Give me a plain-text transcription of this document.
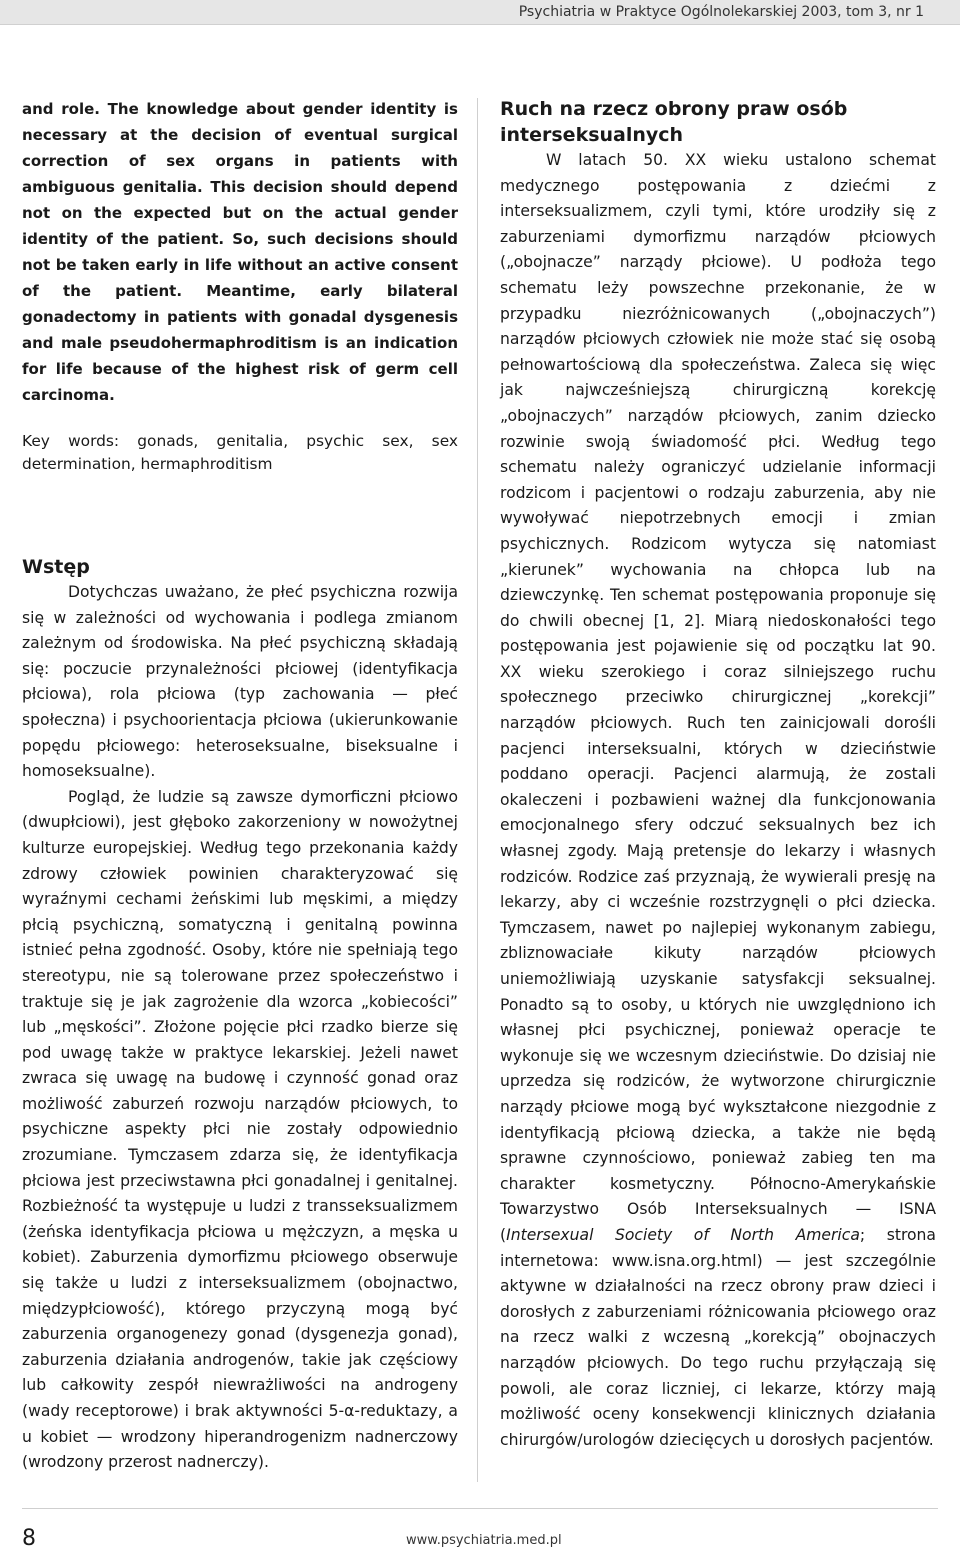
Psychiatria w Praktyce Ogólnolekarskiej 2003, tom 3, nr 1

and role. The knowledge about gender identity is necessary at the decision of eventual surgical correction of sex organs in patients with ambiguous genitalia. This decision should depend not on the expected but on the actual gender identity of the patient. So, such decisions should not be taken early in life without an active consent of the patient. Meantime, early bilateral gonadectomy in patients with gonadal dysgenesis and male pseudohermaphroditism is an indication for life because of the highest risk of germ cell carcinoma.

Key words: gonads, genitalia, psychic sex, sex determination, hermaphroditism

Wstęp

Dotychczas uważano, że płeć psychiczna rozwija się w zależności od wychowania i podlega zmianom zależnym od środowiska. Na płeć psychiczną składają się: poczucie przynależności płciowej (identyfikacja płciowa), rola płciowa (typ zachowania — płeć społeczna) i psychoorientacja płciowa (ukierunkowanie popędu płciowego: heteroseksualne, biseksualne i homoseksualne).

Pogląd, że ludzie są zawsze dymorficzni płciowo (dwupłciowi), jest głęboko zakorzeniony w nowożytnej kulturze europejskiej. Według tego przekonania każdy zdrowy człowiek powinien charakteryzować się wyraźnymi cechami żeńskimi lub męskimi, a między płcią psychiczną, somatyczną i genitalną powinna istnieć pełna zgodność. Osoby, które nie spełniają tego stereotypu, nie są tolerowane przez społeczeństwo i traktuje się je jak zagrożenie dla wzorca „kobiecości” lub „męskości”. Złożone pojęcie płci rzadko bierze się pod uwagę także w praktyce lekarskiej. Jeżeli nawet zwraca się uwagę na budowę i czynność gonad oraz możliwość zaburzeń rozwoju narządów płciowych, to psychiczne aspekty płci nie zostały odpowiednio zrozumiane. Tymczasem zdarza się, że identyfikacja płciowa jest przeciwstawna płci gonadalnej i genitalnej. Rozbieżność ta występuje u ludzi z transseksualizmem (żeńska identyfikacja płciowa u mężczyzn, a męska u kobiet). Zaburzenia dymorfizmu płciowego obserwuje się także u ludzi z interseksualizmem (obojnactwo, międzypłciowość), którego przyczyną mogą być zaburzenia organogenezy gonad (dysgenezja gonad), zaburzenia działania androgenów, takie jak częściowy lub całkowity zespół niewrażliwości na androgeny (wady receptorowe) i brak aktywności 5-α-reduktazy, a u kobiet — wrodzony hiperandrogenizm nadnerczowy (wrodzony przerost nadnerczy).

Ruch na rzecz obrony praw osób interseksualnych

W latach 50. XX wieku ustalono schemat medycznego postępowania z dziećmi z interseksualizmem, czyli tymi, które urodziły się z zaburzeniami dymorfizmu narządów płciowych („obojnacze” narządy płciowe). U podłoża tego schematu leży powszechne przekonanie, że w przypadku niezróżnicowanych („obojnaczych”) narządów płciowych człowiek nie może stać się osobą pełnowartościową dla społeczeństwa. Zaleca się więc jak najwcześniejszą chirurgiczną korekcję „obojnaczych” narządów płciowych, zanim dziecko rozwinie swoją świadomość płci. Według tego schematu należy ograniczyć udzielanie informacji rodzicom i pacjentowi o rodzaju zaburzenia, aby nie wywoływać niepotrzebnych emocji i zmian psychicznych. Rodzicom wytycza się natomiast „kierunek” wychowania na chłopca lub na dziewczynkę. Ten schemat postępowania proponuje się do chwili obecnej [1, 2]. Miarą niedoskonałości tego postępowania jest pojawienie się od początku lat 90. XX wieku szerokiego i coraz silniejszego ruchu społecznego przeciwko chirurgicznej „korekcji” narządów płciowych. Ruch ten zainicjowali dorośli pacjenci interseksualni, których w dzieciństwie poddano operacji. Pacjenci alarmują, że zostali okaleczeni i pozbawieni ważnej dla funkcjonowania emocjonalnego sfery odczuć seksualnych bez ich własnej zgody. Mają pretensje do lekarzy i własnych rodziców. Rodzice zaś przyznają, że wywierali presję na lekarzy, aby ci wcześnie rozstrzygnęli o płci dziecka. Tymczasem, nawet po najlepiej wykonanym zabiegu, zbliznowaciałe kikuty narządów płciowych uniemożliwiają uzyskanie satysfakcji seksualnej. Ponadto są to osoby, u których nie uwzględniono ich własnej płci psychicznej, ponieważ operacje te wykonuje się we wczesnym dzieciństwie. Do dzisiaj nie uprzedza się rodziców, że wytworzone chirurgicznie narządy płciowe mogą być wykształcone niezgodnie z identyfikacją płciową dziecka, a także nie będą sprawne czynnościowo, ponieważ zabieg ten ma charakter kosmetyczny. Północno-Amerykańskie Towarzystwo Osób Interseksualnych — ISNA (Intersexual Society of North America; strona internetowa: www.isna.org.html) — jest szczególnie aktywne w działalności na rzecz obrony praw dzieci i dorosłych z zaburzeniami różnicowania płciowego oraz na rzecz walki z wczesną „korekcją” obojnaczych narządów płciowych. Do tego ruchu przyłączają się powoli, ale coraz liczniej, ci lekarze, którzy mają możliwość oceny konsekwencji klinicznych działania chirurgów/urologów dziecięcych u dorosłych pacjentów.

8	www.psychiatria.med.pl
